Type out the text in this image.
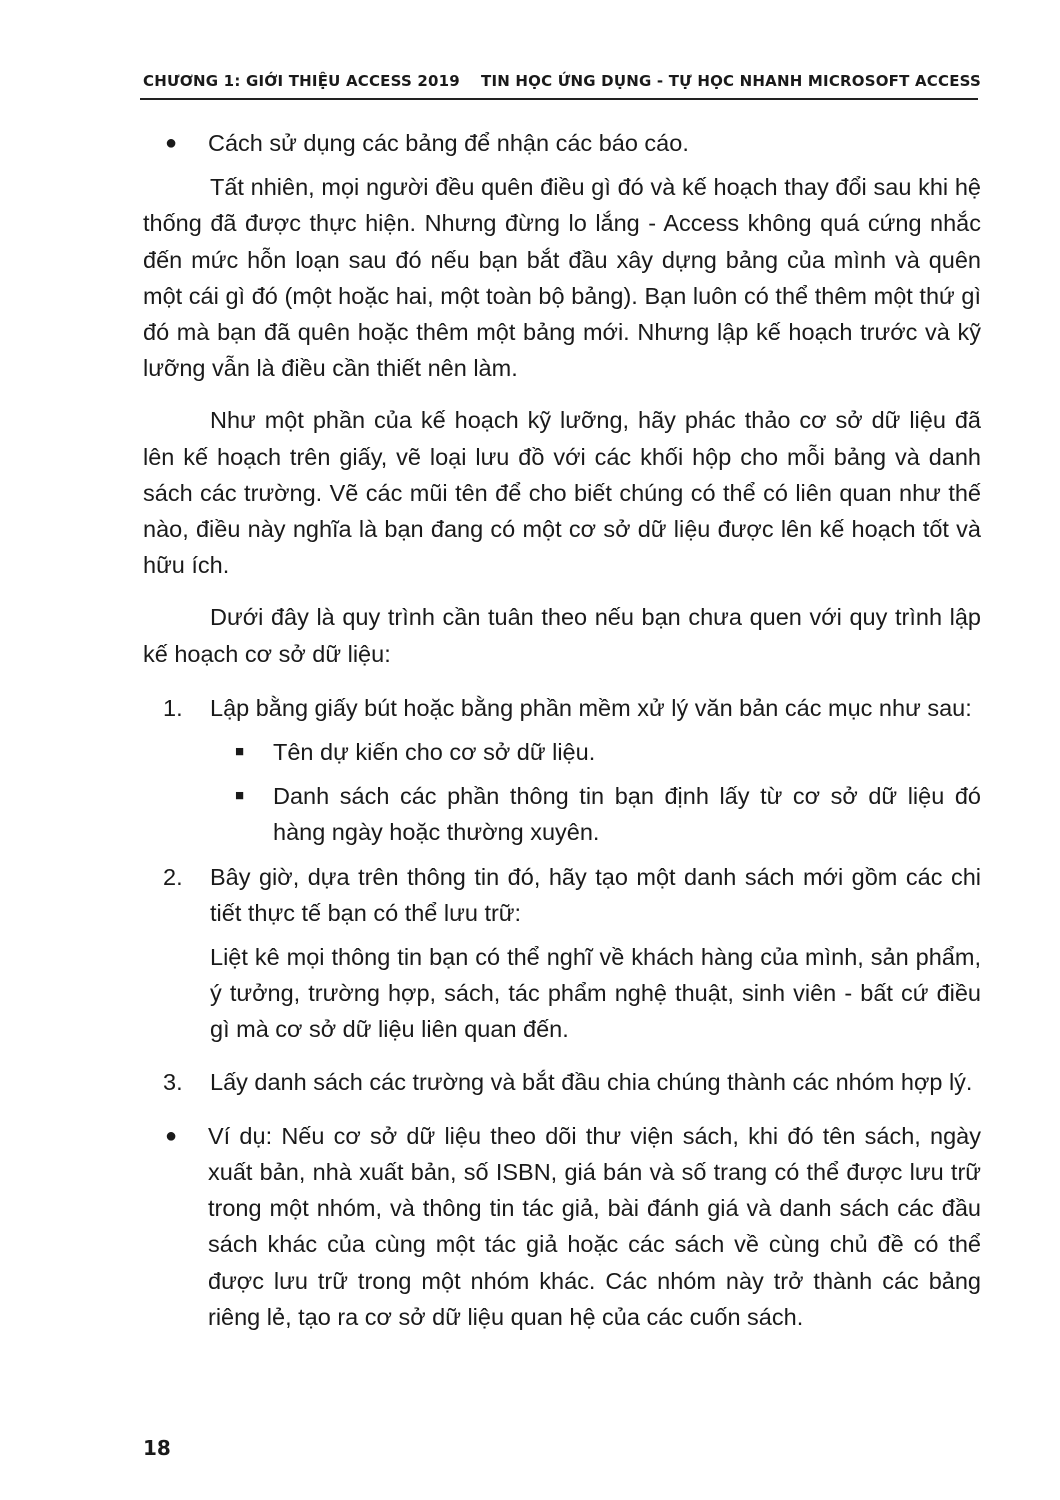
CHƯƠNG 1: GIỚI THIỆU ACCESS 2019 TIN HỌC ỨNG DỤNG - TỰ HỌC NHANH MICROSOFT ACCESS

● Cách sử dụng các bảng để nhận các báo cáo.

Tất nhiên, mọi người đều quên điều gì đó và kế hoạch thay đổi sau khi hệ thống đã được thực hiện. Nhưng đừng lo lắng - Access không quá cứng nhắc đến mức hỗn loạn sau đó nếu bạn bắt đầu xây dựng bảng của mình và quên một cái gì đó (một hoặc hai, một toàn bộ bảng). Bạn luôn có thể thêm một thứ gì đó mà bạn đã quên hoặc thêm một bảng mới. Nhưng lập kế hoạch trước và kỹ lưỡng vẫn là điều cần thiết nên làm.

Như một phần của kế hoạch kỹ lưỡng, hãy phác thảo cơ sở dữ liệu đã lên kế hoạch trên giấy, vẽ loại lưu đồ với các khối hộp cho mỗi bảng và danh sách các trường. Vẽ các mũi tên để cho biết chúng có thể có liên quan như thế nào, điều này nghĩa là bạn đang có một cơ sở dữ liệu được lên kế hoạch tốt và hữu ích.

Dưới đây là quy trình cần tuân theo nếu bạn chưa quen với quy trình lập kế hoạch cơ sở dữ liệu:

1. Lập bằng giấy bút hoặc bằng phần mềm xử lý văn bản các mục như sau:

■ Tên dự kiến cho cơ sở dữ liệu.

■ Danh sách các phần thông tin bạn định lấy từ cơ sở dữ liệu đó hàng ngày hoặc thường xuyên.

2. Bây giờ, dựa trên thông tin đó, hãy tạo một danh sách mới gồm các chi tiết thực tế bạn có thể lưu trữ:

Liệt kê mọi thông tin bạn có thể nghĩ về khách hàng của mình, sản phẩm, ý tưởng, trường hợp, sách, tác phẩm nghệ thuật, sinh viên - bất cứ điều gì mà cơ sở dữ liệu liên quan đến.

3. Lấy danh sách các trường và bắt đầu chia chúng thành các nhóm hợp lý.

● Ví dụ: Nếu cơ sở dữ liệu theo dõi thư viện sách, khi đó tên sách, ngày xuất bản, nhà xuất bản, số ISBN, giá bán và số trang có thể được lưu trữ trong một nhóm, và thông tin tác giả, bài đánh giá và danh sách các đầu sách khác của cùng một tác giả hoặc các sách về cùng chủ đề có thể được lưu trữ trong một nhóm khác. Các nhóm này trở thành các bảng riêng lẻ, tạo ra cơ sở dữ liệu quan hệ của các cuốn sách.

18
